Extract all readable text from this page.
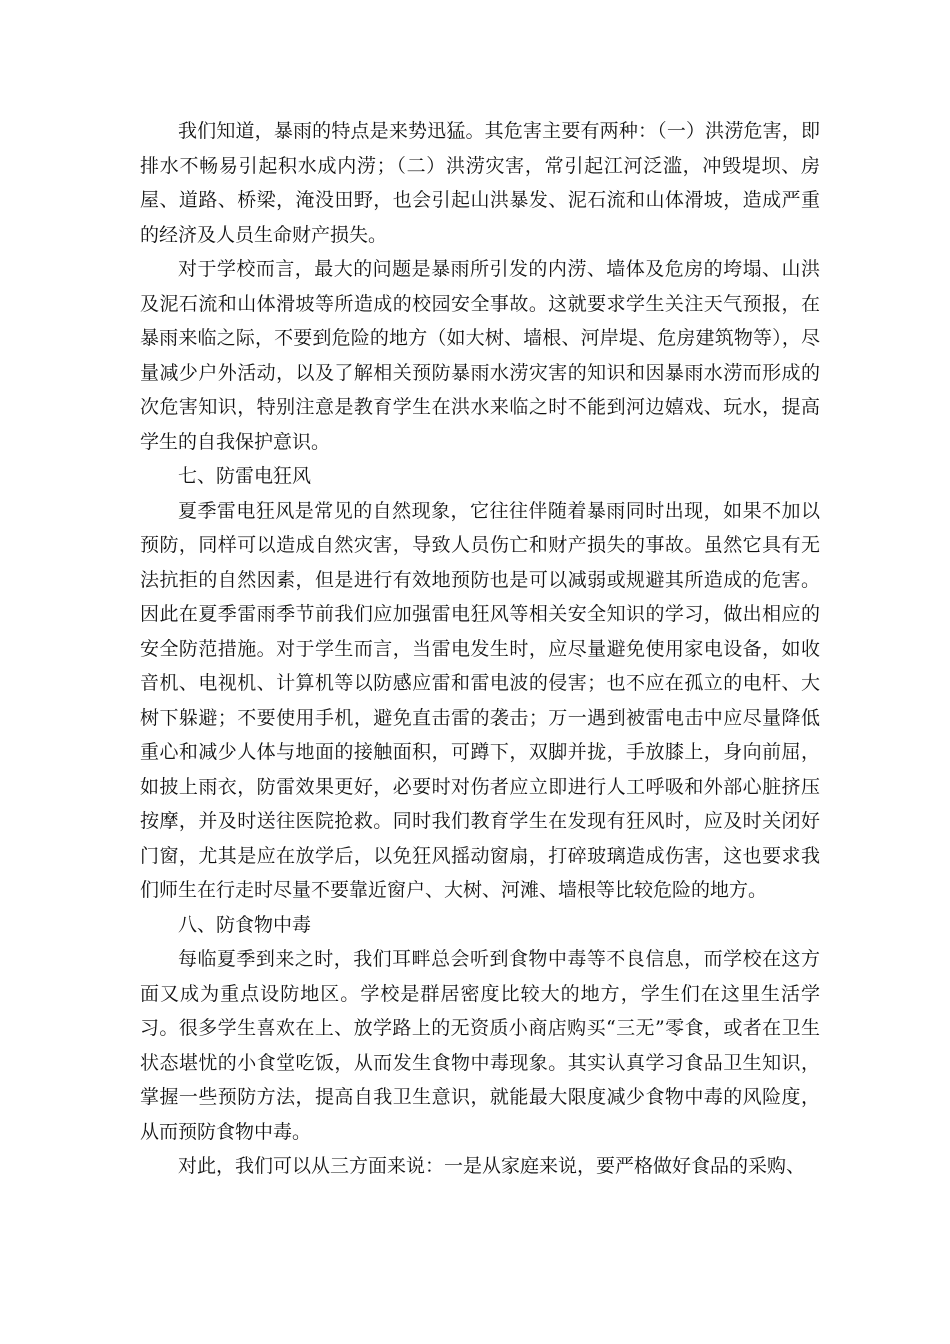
我们知道，暴雨的特点是来势迅猛。其危害主要有两种：（一）洪涝危害，即排水不畅易引起积水成内涝；（二）洪涝灾害，常引起江河泛滥，冲毁堤坝、房屋、道路、桥梁，淹没田野，也会引起山洪暴发、泥石流和山体滑坡，造成严重的经济及人员生命财产损失。

对于学校而言，最大的问题是暴雨所引发的内涝、墙体及危房的垮塌、山洪及泥石流和山体滑坡等所造成的校园安全事故。这就要求学生关注天气预报，在暴雨来临之际，不要到危险的地方（如大树、墙根、河岸堤、危房建筑物等），尽量减少户外活动，以及了解相关预防暴雨水涝灾害的知识和因暴雨水涝而形成的次危害知识，特别注意是教育学生在洪水来临之时不能到河边嬉戏、玩水，提高学生的自我保护意识。

七、防雷电狂风

夏季雷电狂风是常见的自然现象，它往往伴随着暴雨同时出现，如果不加以预防，同样可以造成自然灾害，导致人员伤亡和财产损失的事故。虽然它具有无法抗拒的自然因素，但是进行有效地预防也是可以减弱或规避其所造成的危害。因此在夏季雷雨季节前我们应加强雷电狂风等相关安全知识的学习，做出相应的安全防范措施。对于学生而言，当雷电发生时，应尽量避免使用家电设备，如收音机、电视机、计算机等以防感应雷和雷电波的侵害；也不应在孤立的电杆、大树下躲避；不要使用手机，避免直击雷的袭击；万一遇到被雷电击中应尽量降低重心和减少人体与地面的接触面积，可蹲下，双脚并拢，手放膝上，身向前屈，如披上雨衣，防雷效果更好，必要时对伤者应立即进行人工呼吸和外部心脏挤压按摩，并及时送往医院抢救。同时我们教育学生在发现有狂风时，应及时关闭好门窗，尤其是应在放学后，以免狂风摇动窗扇，打碎玻璃造成伤害，这也要求我们师生在行走时尽量不要靠近窗户、大树、河滩、墙根等比较危险的地方。

八、防食物中毒

每临夏季到来之时，我们耳畔总会听到食物中毒等不良信息，而学校在这方面又成为重点设防地区。学校是群居密度比较大的地方，学生们在这里生活学习。很多学生喜欢在上、放学路上的无资质小商店购买“三无”零食，或者在卫生状态堪忧的小食堂吃饭，从而发生食物中毒现象。其实认真学习食品卫生知识，掌握一些预防方法，提高自我卫生意识，就能最大限度减少食物中毒的风险度，从而预防食物中毒。

对此，我们可以从三方面来说：一是从家庭来说，要严格做好食品的采购、
